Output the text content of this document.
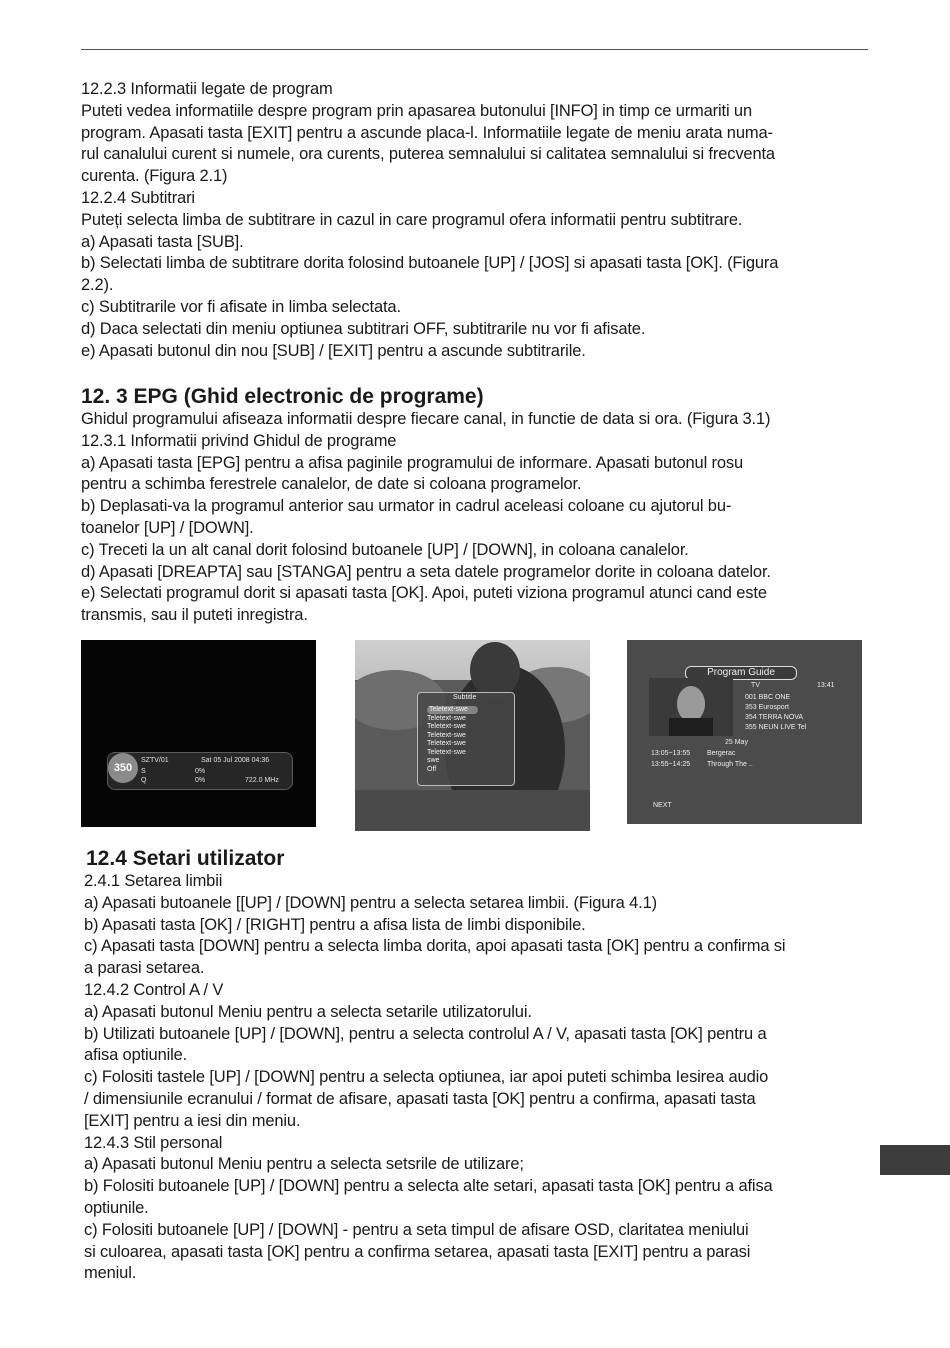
12.2.3 Informatii legate de program

Puteti vedea informatiile despre program prin apasarea butonului [INFO] in timp ce urmariti un

program. Apasati tasta [EXIT] pentru a ascunde placa-l. Informatiile legate de meniu arata numa-

rul canalului curent si numele, ora curents, puterea semnalului si calitatea semnalului si frecventa

curenta. (Figura 2.1)

12.2.4 Subtitrari

Puteți selecta limba de subtitrare in cazul in care programul ofera informatii pentru subtitrare.

a) Apasati tasta [SUB].

b) Selectati limba de subtitrare dorita folosind butoanele [UP] / [JOS] si apasati tasta [OK]. (Figura

2.2).

c) Subtitrarile vor fi afisate in limba selectata.

d) Daca selectati din meniu optiunea subtitrari OFF, subtitrarile nu vor fi afisate.

e) Apasati butonul din nou [SUB] / [EXIT] pentru a ascunde subtitrarile.

12. 3 EPG (Ghid electronic de programe)

Ghidul programului afiseaza informatii despre fiecare canal, in functie de data si ora. (Figura 3.1)

12.3.1 Informatii privind Ghidul de programe

a) Apasati tasta [EPG] pentru a afisa paginile programului de informare. Apasati butonul rosu

pentru a schimba ferestrele canalelor, de date si coloana programelor.

b) Deplasati-va la programul anterior sau urmator in cadrul aceleasi coloane cu ajutorul bu-

toanelor [UP] / [DOWN].

c) Treceti la un alt canal dorit folosind butoanele [UP] / [DOWN], in coloana canalelor.

d) Apasati [DREAPTA] sau [STANGA] pentru a seta datele programelor dorite in coloana datelor.

e) Selectati programul dorit si apasati tasta [OK]. Apoi, puteti viziona programul atunci cand este

transmis, sau il puteti inregistra.

350
SZTV/01	Sat 05 Jul 2008 04:36
S	0%
Q	0%	722.0 MHz
Subtitle
Teletext-swe
Teletext-swe
Teletext-swe
Teletext-swe
Teletext-swe
Teletext-swe
swe
Off
Program Guide
TV	13:41
001 BBC ONE
353 Eurosport
354 TERRA NOVA
355 NEUN LIVE Tel
25 May
13:05~13:55 Bergerac
13:55~14:25 Through The ..
NEXT
12.4 Setari utilizator

2.4.1 Setarea limbii

a) Apasati butoanele [[UP] / [DOWN] pentru a selecta setarea limbii. (Figura 4.1)

b) Apasati tasta [OK] / [RIGHT] pentru a afisa lista de limbi disponibile.

c) Apasati tasta [DOWN] pentru a selecta limba dorita, apoi apasati tasta [OK] pentru a confirma si

a parasi setarea.

12.4.2 Control A / V

a) Apasati butonul Meniu pentru a selecta setarile utilizatorului.

b) Utilizati butoanele [UP] / [DOWN], pentru a selecta controlul A / V, apasati tasta [OK] pentru a

afisa optiunile.

c) Folositi tastele [UP] / [DOWN] pentru a selecta optiunea, iar apoi puteti schimba Iesirea audio

/ dimensiunile ecranului / format de afisare, apasati tasta [OK] pentru a confirma, apasati tasta

[EXIT] pentru a iesi din meniu.

12.4.3 Stil personal

a) Apasati butonul Meniu pentru a selecta setsrile de utilizare;

b) Folositi butoanele [UP] / [DOWN] pentru a selecta alte setari, apasati tasta [OK] pentru a afisa

optiunile.

c) Folositi butoanele [UP] / [DOWN] - pentru a seta timpul de afisare OSD, claritatea meniului

si culoarea, apasati tasta [OK] pentru a confirma setarea, apasati tasta [EXIT] pentru a parasi

meniul.
